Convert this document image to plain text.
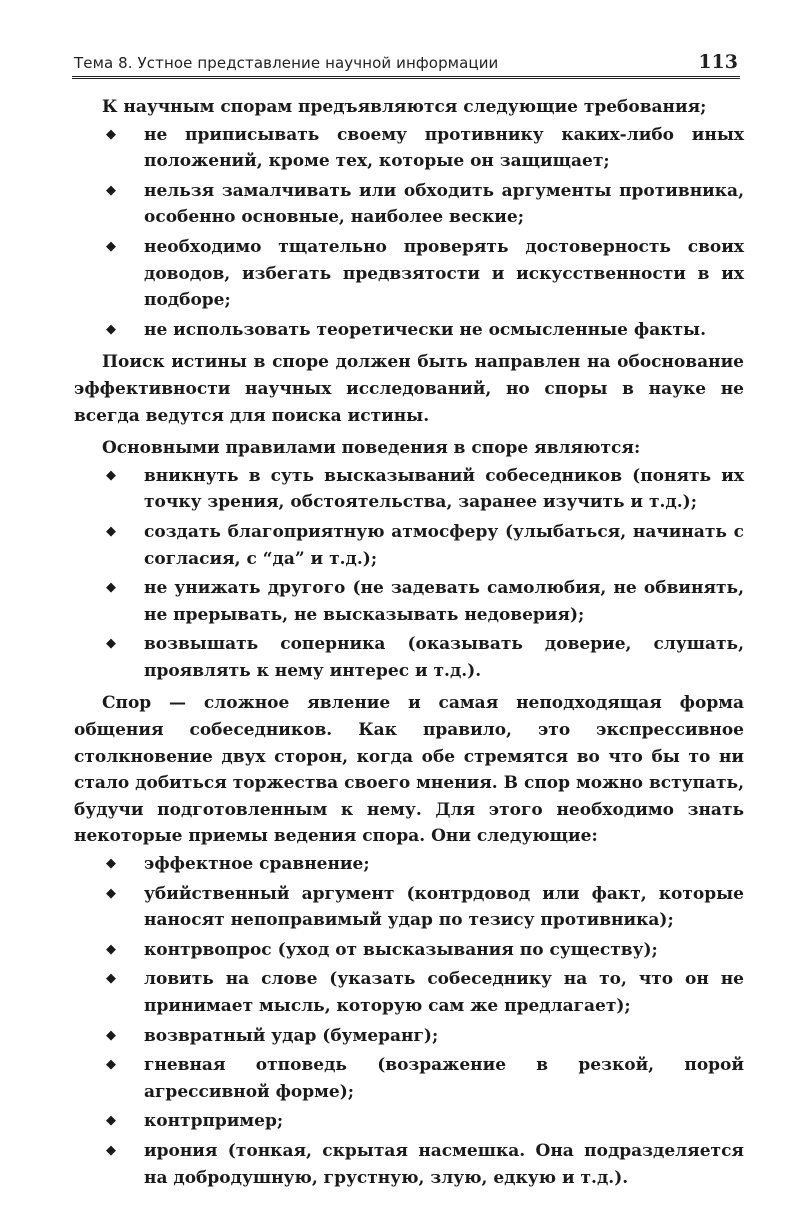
Тема 8. Устное представление научной информации	113

К научным спорам предъявляются следующие требования;

◆ не приписывать своему противнику каких-либо иных положений, кроме тех, которые он защищает;
◆ нельзя замалчивать или обходить аргументы противника, особенно основные, наиболее веские;
◆ необходимо тщательно проверять достоверность своих доводов, избегать предвзятости и искусственности в их подборе;
◆ не использовать теоретически не осмысленные факты.

Поиск истины в споре должен быть направлен на обоснование эффективности научных исследований, но споры в науке не всегда ведутся для поиска истины.

Основными правилами поведения в споре являются:

◆ вникнуть в суть высказываний собеседников (понять их точку зрения, обстоятельства, заранее изучить и т.д.);
◆ создать благоприятную атмосферу (улыбаться, начинать с согласия, с “да” и т.д.);
◆ не унижать другого (не задевать самолюбия, не обвинять, не прерывать, не высказывать недоверия);
◆ возвышать соперника (оказывать доверие, слушать, проявлять к нему интерес и т.д.).

Спор — сложное явление и самая неподходящая форма общения собеседников. Как правило, это экспрессивное столкновение двух сторон, когда обе стремятся во что бы то ни стало добиться торжества своего мнения. В спор можно вступать, будучи подготовленным к нему. Для этого необходимо знать некоторые приемы ведения спора. Они следующие:

◆ эффектное сравнение;
◆ убийственный аргумент (контрдовод или факт, которые наносят непоправимый удар по тезису противника);
◆ контрвопрос (уход от высказывания по существу);
◆ ловить на слове (указать собеседнику на то, что он не принимает мысль, которую сам же предлагает);
◆ возвратный удар (бумеранг);
◆ гневная отповедь (возражение в резкой, порой агрессивной форме);
◆ контрпример;
◆ ирония (тонкая, скрытая насмешка. Она подразделяется на добродушную, грустную, злую, едкую и т.д.).
